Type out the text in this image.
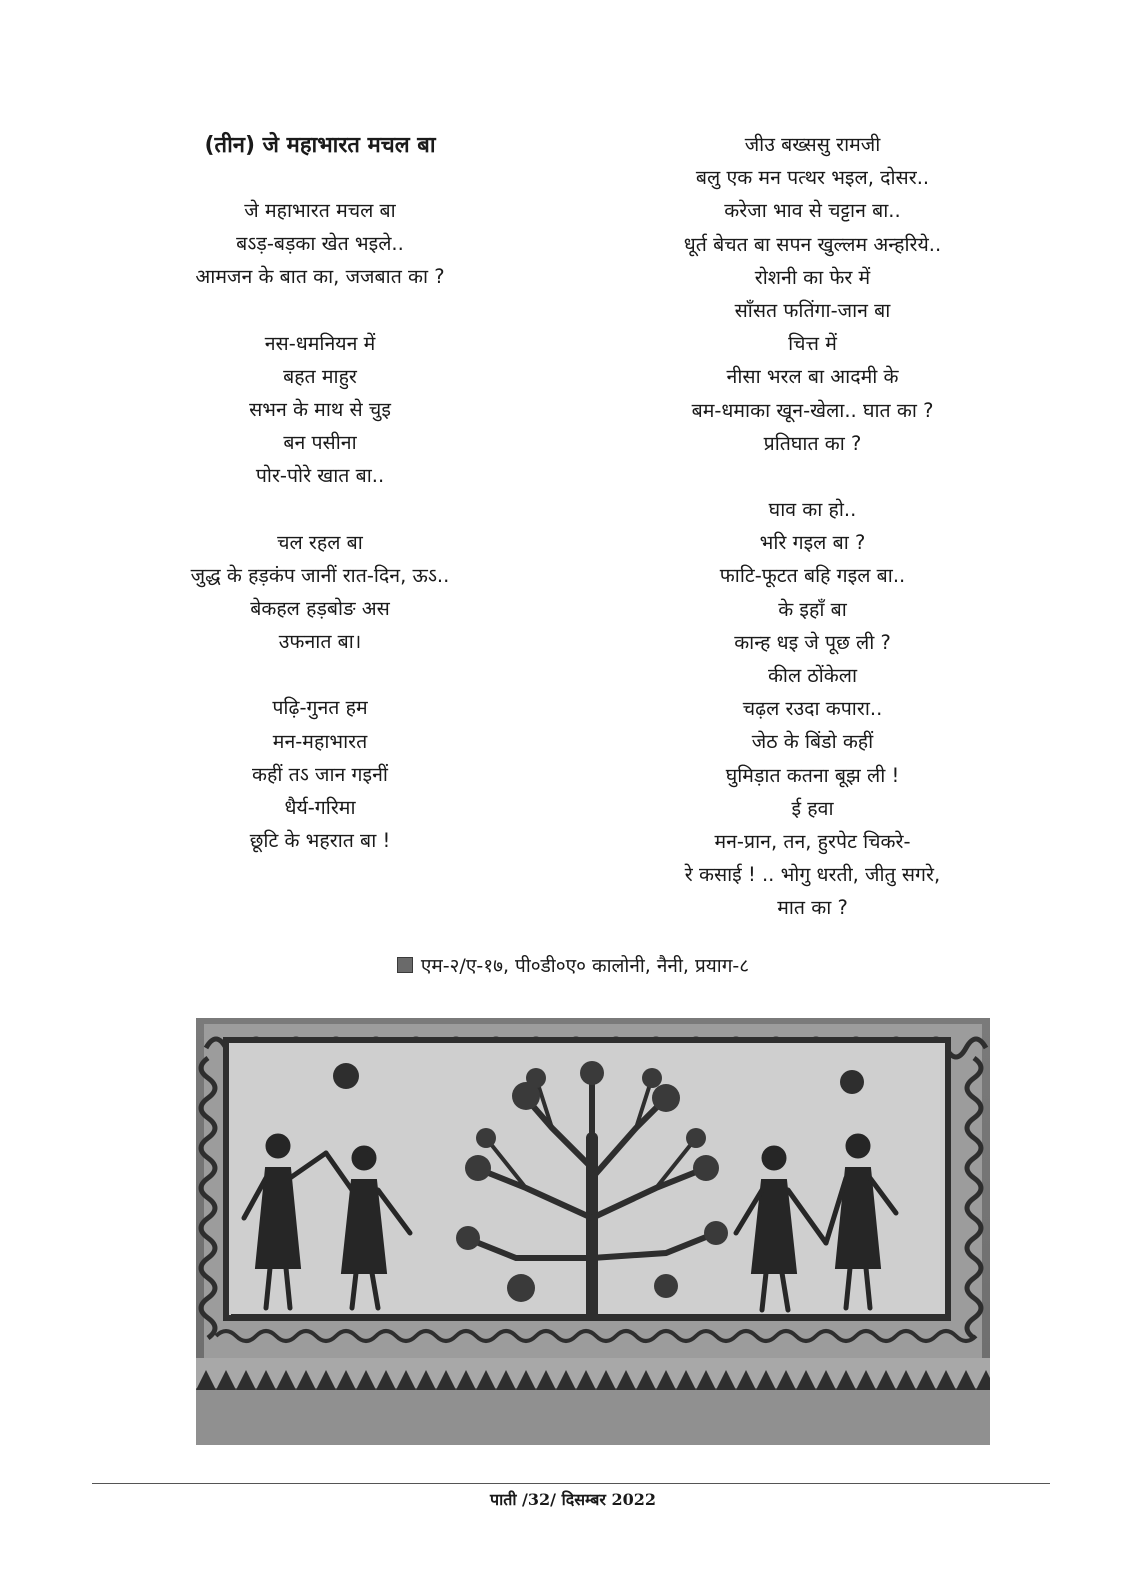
(तीन) जे महाभारत मचल बा
जे महाभारत मचल बा
बऽड़-बड़का खेत भइले..
आमजन के बात का, जजबात का ?
नस-धमनियन में
बहत माहुर
सभन के माथ से चुइ
बन पसीना
पोर-पोरे खात बा..
चल रहल बा
जुद्ध के हड़कंप जानीं रात-दिन, ऊऽ..
बेकहल हड़बोङ अस
उफनात बा।
पढ़ि-गुनत हम
मन-महाभारत
कहीं तऽ जान गइनीं
धैर्य-गरिमा
छूटि के भहरात बा !
जीउ बख्ससु रामजी
बलु एक मन पत्थर भइल, दोसर..
करेजा भाव से चट्टान बा..
धूर्त बेचत बा सपन खुल्लम अन्हरिये..
रोशनी का फेर में
साँसत फतिंगा-जान बा
चित्त में
नीसा भरल बा आदमी के
बम-धमाका खून-खेला.. घात का ?
प्रतिघात का ?
घाव का हो..
भरि गइल बा ?
फाटि-फूटत बहि गइल बा..
के इहाँ बा
कान्ह धइ जे पूछ ली ?
कील ठोंकेला
चढ़ल रउदा कपारा..
जेठ के बिंडो कहीं
घुमिड़ात कतना बूझ ली !
ई हवा
मन-प्रान, तन, हुरपेट चिकरे-
रे कसाई ! .. भोगु धरती, जीतु सगरे,
मात का ?
एम-२/ए-१७, पी०डी०ए० कालोनी, नैनी, प्रयाग-८
पाती /32/ दिसम्बर 2022
